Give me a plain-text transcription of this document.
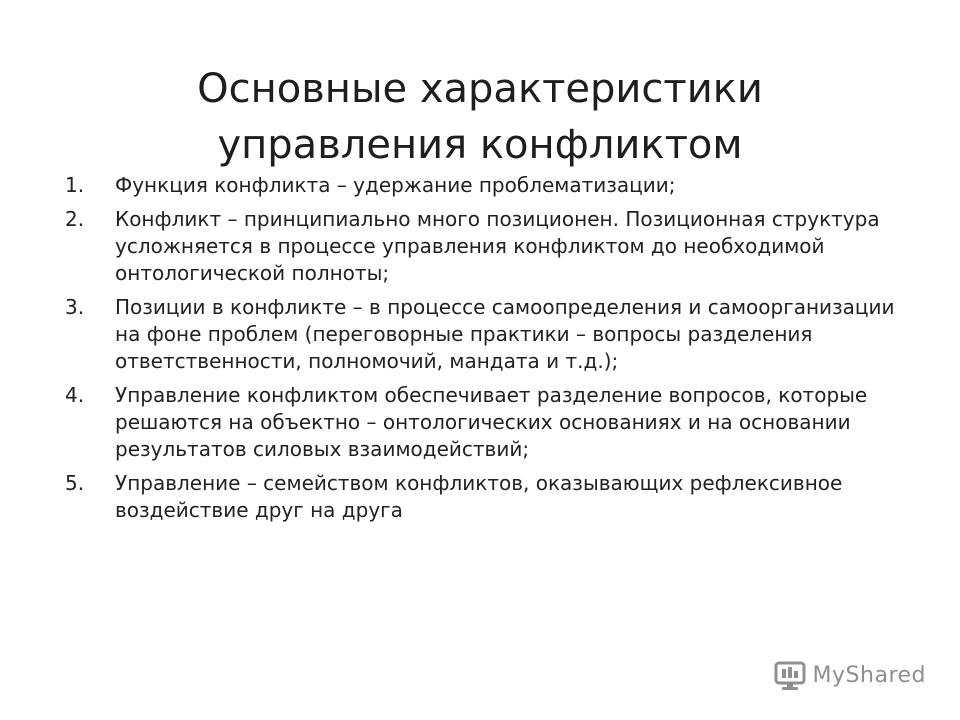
Основные характеристики
управления конфликтом
1.	Функция конфликта – удержание проблематизации;
2.	Конфликт – принципиально много позиционен. Позиционная структура усложняется в процессе управления конфликтом до необходимой онтологической полноты;
3.	Позиции в конфликте – в процессе самоопределения и самоорганизации на фоне проблем (переговорные практики – вопросы разделения ответственности, полномочий, мандата и т.д.);
4.	Управление конфликтом обеспечивает разделение вопросов, которые решаются на объектно – онтологических основаниях и на основании результатов силовых взаимодействий;
5.	Управление – семейством конфликтов, оказывающих рефлексивное воздействие друг на друга
MyShared
